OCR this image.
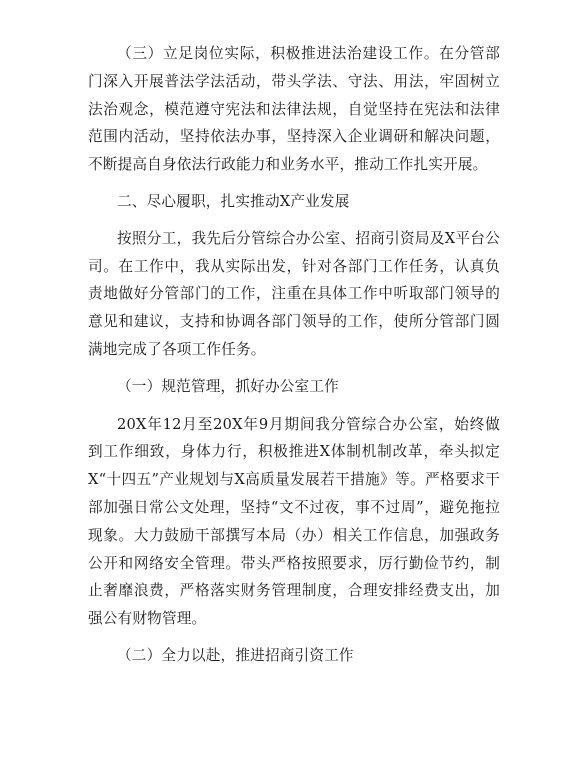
（三）立足岗位实际，积极推进法治建设工作。在分管部门深入开展普法学法活动，带头学法、守法、用法，牢固树立法治观念，模范遵守宪法和法律法规，自觉坚持在宪法和法律范围内活动，坚持依法办事，坚持深入企业调研和解决问题，不断提高自身依法行政能力和业务水平，推动工作扎实开展。

二、尽心履职，扎实推动X产业发展

按照分工，我先后分管综合办公室、招商引资局及X平台公司。在工作中，我从实际出发，针对各部门工作任务，认真负责地做好分管部门的工作，注重在具体工作中听取部门领导的意见和建议，支持和协调各部门领导的工作，使所分管部门圆满地完成了各项工作任务。

（一）规范管理，抓好办公室工作

20X年12月至20X年9月期间我分管综合办公室，始终做到工作细致，身体力行，积极推进X体制机制改革，牵头拟定X“十四五”产业规划与X高质量发展若干措施》等。严格要求干部加强日常公文处理，坚持“文不过夜，事不过周”，避免拖拉现象。大力鼓励干部撰写本局（办）相关工作信息，加强政务公开和网络安全管理。带头严格按照要求，厉行勤俭节约，制止奢靡浪费，严格落实财务管理制度，合理安排经费支出，加强公有财物管理。

（二）全力以赴，推进招商引资工作
